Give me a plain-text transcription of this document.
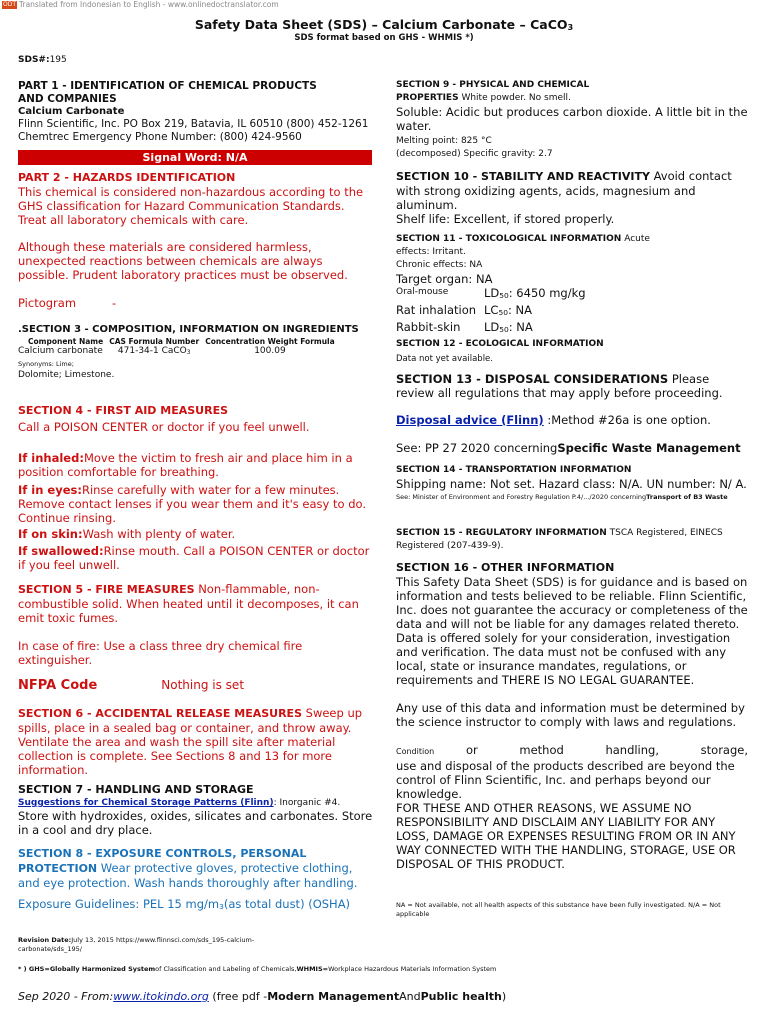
ODT Translated from Indonesian to English - www.onlinedoctranslator.com
Safety Data Sheet (SDS) – Calcium Carbonate – CaCO$_3$
SDS format based on GHS - WHMIS *)
SDS#:195
PART 1 - IDENTIFICATION OF CHEMICAL PRODUCTS AND COMPANIES
Calcium Carbonate
Flinn Scientific, Inc. PO Box 219, Batavia, IL 60510 (800) 452-1261
Chemtrec Emergency Phone Number: (800) 424-9560
Signal Word: N/A
PART 2 - HAZARDS IDENTIFICATION
This chemical is considered non-hazardous according to the GHS classification for Hazard Communication Standards. Treat all laboratory chemicals with care.
Although these materials are considered harmless, unexpected reactions between chemicals are always possible. Prudent laboratory practices must be observed.
Pictogram	-
.SECTION 3 - COMPOSITION, INFORMATION ON INGREDIENTS
Component Name	CAS Formula Number	Concentration Weight Formula
Calcium carbonate	471-34-1 CaCO$_3$	100.09
Synonyms: Lime;
Dolomite; Limestone.
SECTION 4 - FIRST AID MEASURES
Call a POISON CENTER or doctor if you feel unwell.
If inhaled:Move the victim to fresh air and place him in a position comfortable for breathing.
If in eyes:Rinse carefully with water for a few minutes. Remove contact lenses if you wear them and it's easy to do. Continue rinsing.
If on skin:Wash with plenty of water.
If swallowed:Rinse mouth. Call a POISON CENTER or doctor if you feel unwell.
SECTION 5 - FIRE MEASURES Non-flammable, non-combustible solid. When heated until it decomposes, it can emit toxic fumes.
In case of fire: Use a class three dry chemical fire extinguisher.
NFPA Code	Nothing is set
SECTION 6 - ACCIDENTAL RELEASE MEASURES Sweep up spills, place in a sealed bag or container, and throw away. Ventilate the area and wash the spill site after material collection is complete. See Sections 8 and 13 for more information.
SECTION 7 - HANDLING AND STORAGE
Suggestions for Chemical Storage Patterns (Flinn): Inorganic #4.
Store with hydroxides, oxides, silicates and carbonates. Store in a cool and dry place.
SECTION 8 - EXPOSURE CONTROLS, PERSONAL PROTECTION Wear protective gloves, protective clothing, and eye protection. Wash hands thoroughly after handling.
Exposure Guidelines: PEL 15 $mg/m_3(as$ total dust) (OSHA)
Revision Date:July 13, 2015 https://www.flinnsci.com/sds_195-calcium-carbonate/sds_195/
* ) GHS=Globally Harmonized Systemof Classification and Labeling of Chemicals,WHMIS=Workplace Hazardous Materials Information System
Sep 2020 - From:www.itokindo.org (free pdf -Modern ManagementAndPublic health)
SECTION 9 - PHYSICAL AND CHEMICAL PROPERTIES White powder. No smell.
Soluble: Acidic but produces carbon dioxide. A little bit in the water.
Melting point: 825 °C
(decomposed) Specific gravity: 2.7
SECTION 10 - STABILITY AND REACTIVITY Avoid contact with strong oxidizing agents, acids, magnesium and aluminum.
Shelf life: Excellent, if stored properly.
SECTION 11 - TOXICOLOGICAL INFORMATION Acute effects: Irritant.
Chronic effects: NA
Target organ: NA
Oral-mouse	$LD_{50}$: 6450 mg/kg
Rat inhalation $LC_{50}$: NA
Rabbit-skin	$LD_{50}$: NA
SECTION 12 - ECOLOGICAL INFORMATION
Data not yet available.
SECTION 13 - DISPOSAL CONSIDERATIONS Please review all regulations that may apply before proceeding.
Disposal advice (Flinn) :Method #26a is one option.
See: PP 27 2020 concerningSpecific Waste Management
SECTION 14 - TRANSPORTATION INFORMATION
Shipping name: Not set. Hazard class: N/A. UN number: N/ A.
See: Minister of Environment and Forestry Regulation P.4/.../2020 concerningTransport of B3 Waste
SECTION 15 - REGULATORY INFORMATION TSCA Registered, EINECS Registered (207-439-9).
SECTION 16 - OTHER INFORMATION
This Safety Data Sheet (SDS) is for guidance and is based on information and tests believed to be reliable. Flinn Scientific, Inc. does not guarantee the accuracy or completeness of the data and will not be liable for any damages related thereto. Data is offered solely for your consideration, investigation and verification. The data must not be confused with any local, state or insurance mandates, regulations, or requirements and THERE IS NO LEGAL GUARANTEE.
Any use of this data and information must be determined by the science instructor to comply with laws and regulations.
Condition	or method handling, storage,
use and disposal of the products described are beyond the control of Flinn Scientific, Inc. and perhaps beyond our knowledge.
FOR THESE AND OTHER REASONS, WE ASSUME NO RESPONSIBILITY AND DISCLAIM ANY LIABILITY FOR ANY LOSS, DAMAGE OR EXPENSES RESULTING FROM OR IN ANY WAY CONNECTED WITH THE HANDLING, STORAGE, USE OR DISPOSAL OF THIS PRODUCT.
NA = Not available, not all health aspects of this substance have been fully investigated. N/A = Not applicable
